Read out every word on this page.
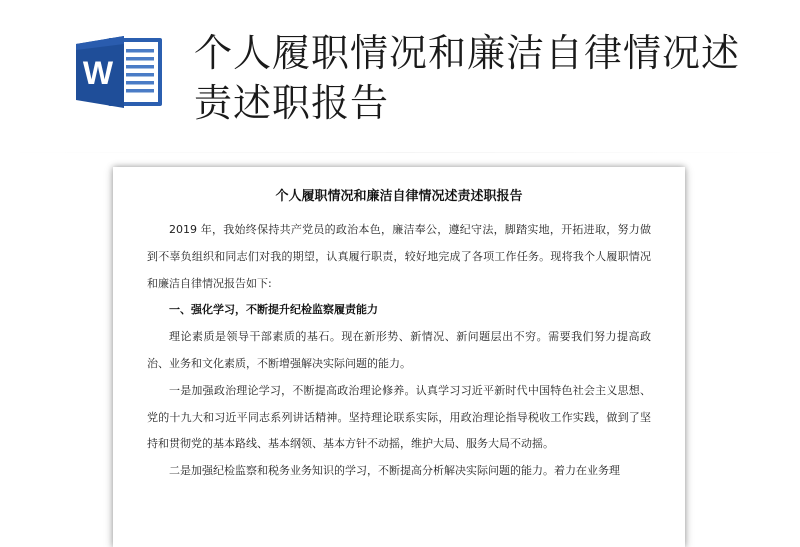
W 个人履职情况和廉洁自律情况述责述职报告
个人履职情况和廉洁自律情况述责述职报告

2019 年，我始终保持共产党员的政治本色，廉洁奉公，遵纪守法，脚踏实地，开拓进取，努力做到不辜负组织和同志们对我的期望，认真履行职责，较好地完成了各项工作任务。现将我个人履职情况和廉洁自律情况报告如下:

一、强化学习，不断提升纪检监察履责能力

理论素质是领导干部素质的基石。现在新形势、新情况、新问题层出不穷。需要我们努力提高政治、业务和文化素质，不断增强解决实际问题的能力。

一是加强政治理论学习，不断提高政治理论修养。认真学习习近平新时代中国特色社会主义思想、党的十九大和习近平同志系列讲话精神。坚持理论联系实际，用政治理论指导税收工作实践，做到了坚持和贯彻党的基本路线、基本纲领、基本方针不动摇，维护大局、服务大局不动摇。

二是加强纪检监察和税务业务知识的学习，不断提高分析解决实际问题的能力。着力在业务理
